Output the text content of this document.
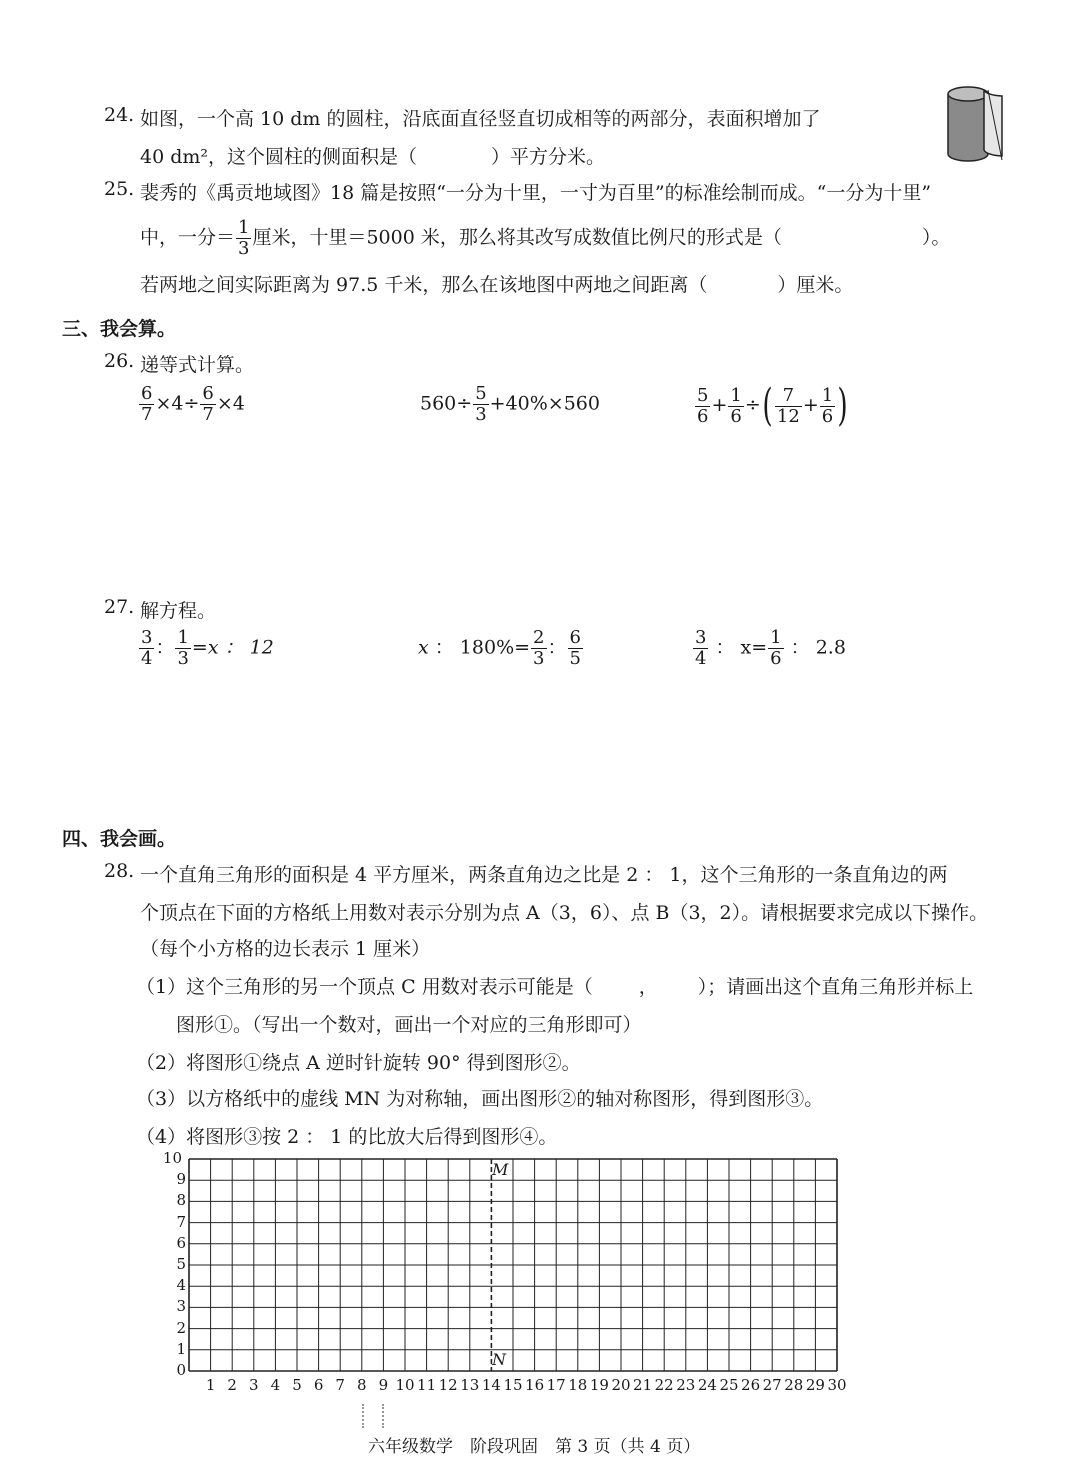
24. 如图，一个高 10 dm 的圆柱，沿底面直径竖直切成相等的两部分，表面积增加了
40 dm²，这个圆柱的侧面积是（	）平方分米。
25. 裴秀的《禹贡地域图》18 篇是按照“一分为十里，一寸为百里”的标准绘制而成。“一分为十里”
中，一分＝ $\frac{1}{3}$ 厘米，十里＝5000 米，那么将其改写成数值比例尺的形式是（	）。
若两地之间实际距离为 97.5 千米，那么在该地图中两地之间距离（	）厘米。
三、我会算。
26. 递等式计算。
$\frac{6}{7} \times 4\div \frac{6}{7} \times 4$	$560\div \frac{5}{3} +40\%\times 560$	$\frac{5}{6} + \frac{1}{6}$ ÷( $\frac{7}{12} + \frac{1}{6}$ )
27. 解方程。
$\frac{3}{4}$ ： $\frac{1}{3} =x$ ： 12	x ： $180\%= \frac{2}{3}$ ： $\frac{6}{5}$	$\frac{3}{4}$ ： $x= \frac{1}{6}$ ： 2.8
四、我会画。
28. 一个直角三角形的面积是 4 平方厘米，两条直角边之比是 2 ： 1，这个三角形的一条直角边的两
个顶点在下面的方格纸上用数对表示分别为点 A（3，6）、点 B（3，2）。请根据要求完成以下操作。
（每个小方格的边长表示 1 厘米）
（1）这个三角形的另一个顶点 C 用数对表示可能是（ ， ）；请画出这个直角三角形并标上
图形①。（写出一个数对，画出一个对应的三角形即可）
（2）将图形①绕点 A 逆时针旋转 90° 得到图形②。
（3）以方格纸中的虚线 MN 为对称轴，画出图形②的轴对称图形，得到图形③。
（4）将图形③按 2 ： 1 的比放大后得到图形④。
0
1
2
3
4
5
6
7
8
9
10
1 2 3 4 5 6 7 8 9 10 11 12 13 14 15 16 17 18 19 20 21 22 23 24 25 26 27 28 29 30
M
N
六年级数学　阶段巩固　第 3 页（共 4 页）
